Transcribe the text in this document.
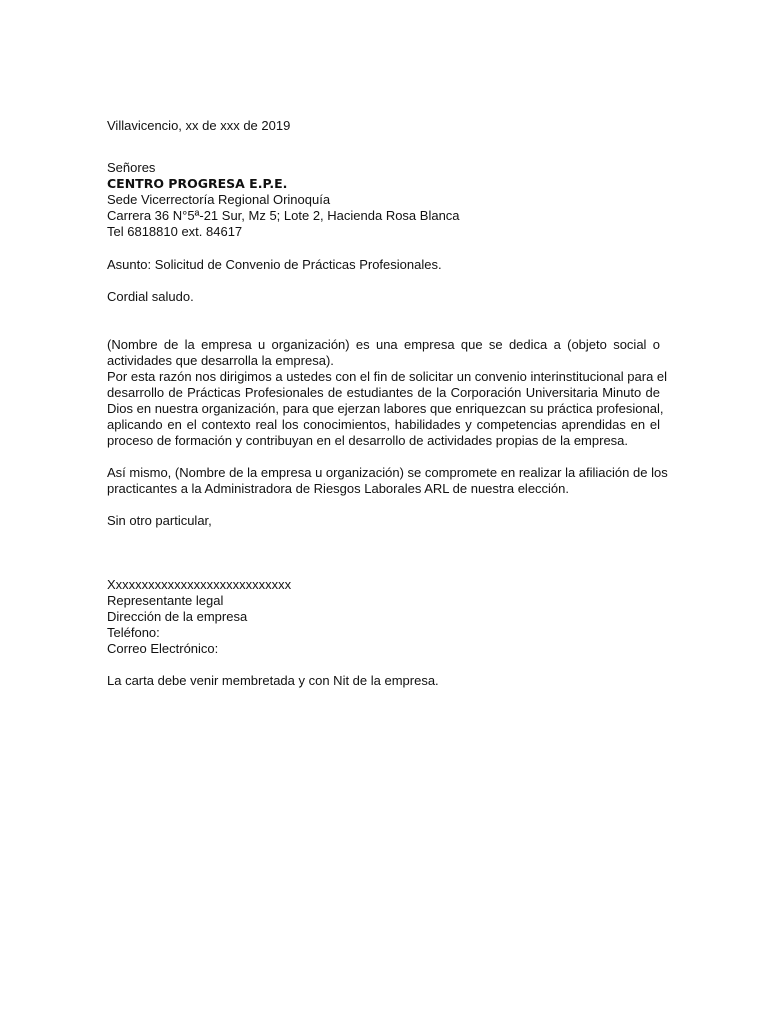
Villavicencio, xx de xxx de 2019
Señores
CENTRO PROGRESA E.P.E.
Sede Vicerrectoría Regional Orinoquía
Carrera 36 N°5ª-21 Sur, Mz 5; Lote 2, Hacienda Rosa Blanca
Tel 6818810 ext. 84617
Asunto: Solicitud de Convenio de Prácticas Profesionales.
Cordial saludo.
(Nombre de la empresa u organización) es una empresa que se dedica a (objeto social o
actividades que desarrolla la empresa).
Por esta razón nos dirigimos a ustedes con el fin de solicitar un convenio interinstitucional para el
desarrollo de Prácticas Profesionales de estudiantes de la Corporación Universitaria Minuto de
Dios en nuestra organización, para que ejerzan labores que enriquezcan su práctica profesional,
aplicando en el contexto real los conocimientos, habilidades y competencias aprendidas en el
proceso de formación y contribuyan en el desarrollo de actividades propias de la empresa.
Así mismo, (Nombre de la empresa u organización) se compromete en realizar la afiliación de los
practicantes a la Administradora de Riesgos Laborales ARL de nuestra elección.
Sin otro particular,
Xxxxxxxxxxxxxxxxxxxxxxxxxxxx
Representante legal
Dirección de la empresa
Teléfono:
Correo Electrónico:
La carta debe venir membretada y con Nit de la empresa.
